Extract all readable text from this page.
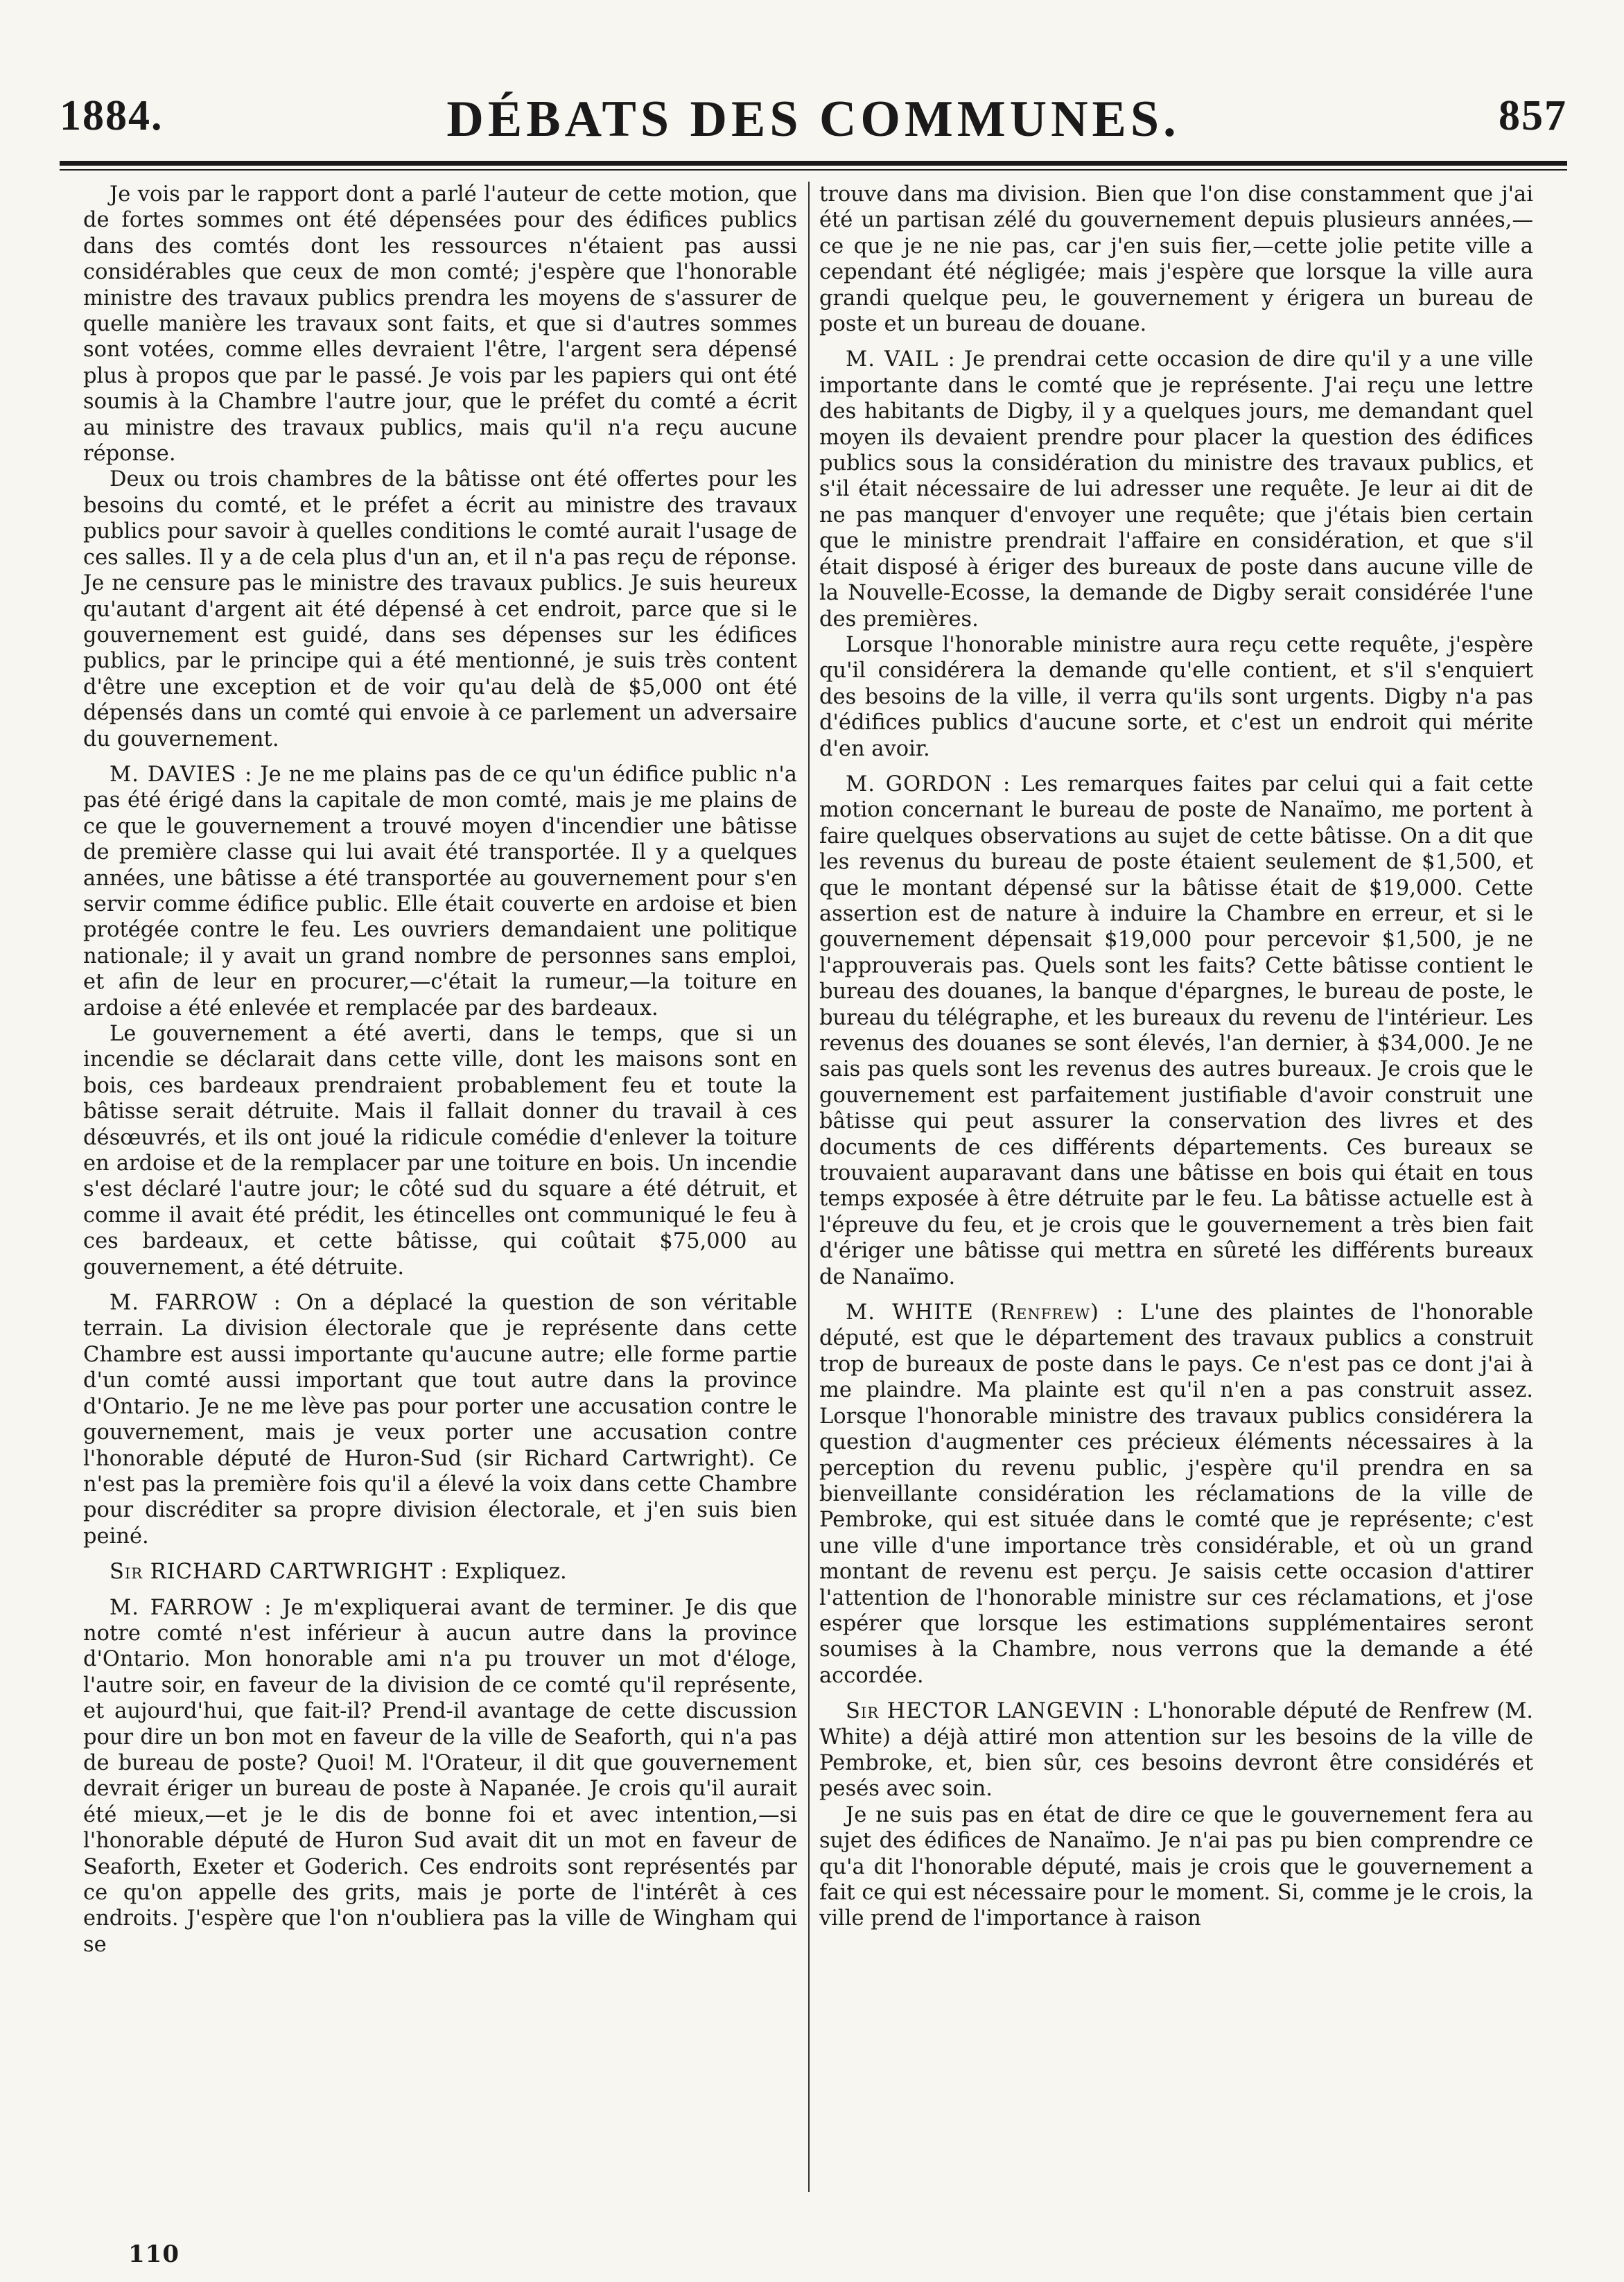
1884.	DÉBATS DES COMMUNES.	857

Je vois par le rapport dont a parlé l'auteur de cette motion, que de fortes sommes ont été dépensées pour des édifices publics dans des comtés dont les ressources n'étaient pas aussi considérables que ceux de mon comté; j'espère que l'honorable ministre des travaux publics prendra les moyens de s'assurer de quelle manière les travaux sont faits, et que si d'autres sommes sont votées, comme elles devraient l'être, l'argent sera dépensé plus à propos que par le passé. Je vois par les papiers qui ont été soumis à la Chambre l'autre jour, que le préfet du comté a écrit au ministre des travaux publics, mais qu'il n'a reçu aucune réponse.

Deux ou trois chambres de la bâtisse ont été offertes pour les besoins du comté, et le préfet a écrit au ministre des travaux publics pour savoir à quelles conditions le comté aurait l'usage de ces salles. Il y a de cela plus d'un an, et il n'a pas reçu de réponse. Je ne censure pas le ministre des travaux publics. Je suis heureux qu'autant d'argent ait été dépensé à cet endroit, parce que si le gouvernement est guidé, dans ses dépenses sur les édifices publics, par le principe qui a été mentionné, je suis très content d'être une exception et de voir qu'au delà de $5,000 ont été dépensés dans un comté qui envoie à ce parlement un adversaire du gouvernement.

M. DAVIES : Je ne me plains pas de ce qu'un édifice public n'a pas été érigé dans la capitale de mon comté, mais je me plains de ce que le gouvernement a trouvé moyen d'incendier une bâtisse de première classe qui lui avait été transportée. Il y a quelques années, une bâtisse a été transportée au gouvernement pour s'en servir comme édifice public. Elle était couverte en ardoise et bien protégée contre le feu. Les ouvriers demandaient une politique nationale; il y avait un grand nombre de personnes sans emploi, et afin de leur en procurer,—c'était la rumeur,—la toiture en ardoise a été enlevée et remplacée par des bardeaux.

Le gouvernement a été averti, dans le temps, que si un incendie se déclarait dans cette ville, dont les maisons sont en bois, ces bardeaux prendraient probablement feu et toute la bâtisse serait détruite. Mais il fallait donner du travail à ces désœuvrés, et ils ont joué la ridicule comédie d'enlever la toiture en ardoise et de la remplacer par une toiture en bois. Un incendie s'est déclaré l'autre jour; le côté sud du square a été détruit, et comme il avait été prédit, les étincelles ont communiqué le feu à ces bardeaux, et cette bâtisse, qui coûtait $75,000 au gouvernement, a été détruite.

M. FARROW : On a déplacé la question de son véritable terrain. La division électorale que je représente dans cette Chambre est aussi importante qu'aucune autre; elle forme partie d'un comté aussi important que tout autre dans la province d'Ontario. Je ne me lève pas pour porter une accusation contre le gouvernement, mais je veux porter une accusation contre l'honorable député de Huron-Sud (sir Richard Cartwright). Ce n'est pas la première fois qu'il a élevé la voix dans cette Chambre pour discréditer sa propre division électorale, et j'en suis bien peiné.

Sir RICHARD CARTWRIGHT : Expliquez.

M. FARROW : Je m'expliquerai avant de terminer. Je dis que notre comté n'est inférieur à aucun autre dans la province d'Ontario. Mon honorable ami n'a pu trouver un mot d'éloge, l'autre soir, en faveur de la division de ce comté qu'il représente, et aujourd'hui, que fait-il? Prend-il avantage de cette discussion pour dire un bon mot en faveur de la ville de Seaforth, qui n'a pas de bureau de poste? Quoi! M. l'Orateur, il dit que gouvernement devrait ériger un bureau de poste à Napanée. Je crois qu'il aurait été mieux,—et je le dis de bonne foi et avec intention,—si l'honorable député de Huron Sud avait dit un mot en faveur de Seaforth, Exeter et Goderich. Ces endroits sont représentés par ce qu'on appelle des grits, mais je porte de l'intérêt à ces endroits. J'espère que l'on n'oubliera pas la ville de Wingham qui se

trouve dans ma division. Bien que l'on dise constamment que j'ai été un partisan zélé du gouvernement depuis plusieurs années,—ce que je ne nie pas, car j'en suis fier,—cette jolie petite ville a cependant été négligée; mais j'espère que lorsque la ville aura grandi quelque peu, le gouvernement y érigera un bureau de poste et un bureau de douane.

M. VAIL : Je prendrai cette occasion de dire qu'il y a une ville importante dans le comté que je représente. J'ai reçu une lettre des habitants de Digby, il y a quelques jours, me demandant quel moyen ils devaient prendre pour placer la question des édifices publics sous la considération du ministre des travaux publics, et s'il était nécessaire de lui adresser une requête. Je leur ai dit de ne pas manquer d'envoyer une requête; que j'étais bien certain que le ministre prendrait l'affaire en considération, et que s'il était disposé à ériger des bureaux de poste dans aucune ville de la Nouvelle-Ecosse, la demande de Digby serait considérée l'une des premières.

Lorsque l'honorable ministre aura reçu cette requête, j'espère qu'il considérera la demande qu'elle contient, et s'il s'enquiert des besoins de la ville, il verra qu'ils sont urgents. Digby n'a pas d'édifices publics d'aucune sorte, et c'est un endroit qui mérite d'en avoir.

M. GORDON : Les remarques faites par celui qui a fait cette motion concernant le bureau de poste de Nanaïmo, me portent à faire quelques observations au sujet de cette bâtisse. On a dit que les revenus du bureau de poste étaient seulement de $1,500, et que le montant dépensé sur la bâtisse était de $19,000. Cette assertion est de nature à induire la Chambre en erreur, et si le gouvernement dépensait $19,000 pour percevoir $1,500, je ne l'approuverais pas. Quels sont les faits? Cette bâtisse contient le bureau des douanes, la banque d'épargnes, le bureau de poste, le bureau du télégraphe, et les bureaux du revenu de l'intérieur. Les revenus des douanes se sont élevés, l'an dernier, à $34,000. Je ne sais pas quels sont les revenus des autres bureaux. Je crois que le gouvernement est parfaitement justifiable d'avoir construit une bâtisse qui peut assurer la conservation des livres et des documents de ces différents départements. Ces bureaux se trouvaient auparavant dans une bâtisse en bois qui était en tous temps exposée à être détruite par le feu. La bâtisse actuelle est à l'épreuve du feu, et je crois que le gouvernement a très bien fait d'ériger une bâtisse qui mettra en sûreté les différents bureaux de Nanaïmo.

M. WHITE (Renfrew) : L'une des plaintes de l'honorable député, est que le département des travaux publics a construit trop de bureaux de poste dans le pays. Ce n'est pas ce dont j'ai à me plaindre. Ma plainte est qu'il n'en a pas construit assez. Lorsque l'honorable ministre des travaux publics considérera la question d'augmenter ces précieux éléments nécessaires à la perception du revenu public, j'espère qu'il prendra en sa bienveillante considération les réclamations de la ville de Pembroke, qui est située dans le comté que je représente; c'est une ville d'une importance très considérable, et où un grand montant de revenu est perçu. Je saisis cette occasion d'attirer l'attention de l'honorable ministre sur ces réclamations, et j'ose espérer que lorsque les estimations supplémentaires seront soumises à la Chambre, nous verrons que la demande a été accordée.

Sir HECTOR LANGEVIN : L'honorable député de Renfrew (M. White) a déjà attiré mon attention sur les besoins de la ville de Pembroke, et, bien sûr, ces besoins devront être considérés et pesés avec soin.

Je ne suis pas en état de dire ce que le gouvernement fera au sujet des édifices de Nanaïmo. Je n'ai pas pu bien comprendre ce qu'a dit l'honorable député, mais je crois que le gouvernement a fait ce qui est nécessaire pour le moment. Si, comme je le crois, la ville prend de l'importance à raison

110
